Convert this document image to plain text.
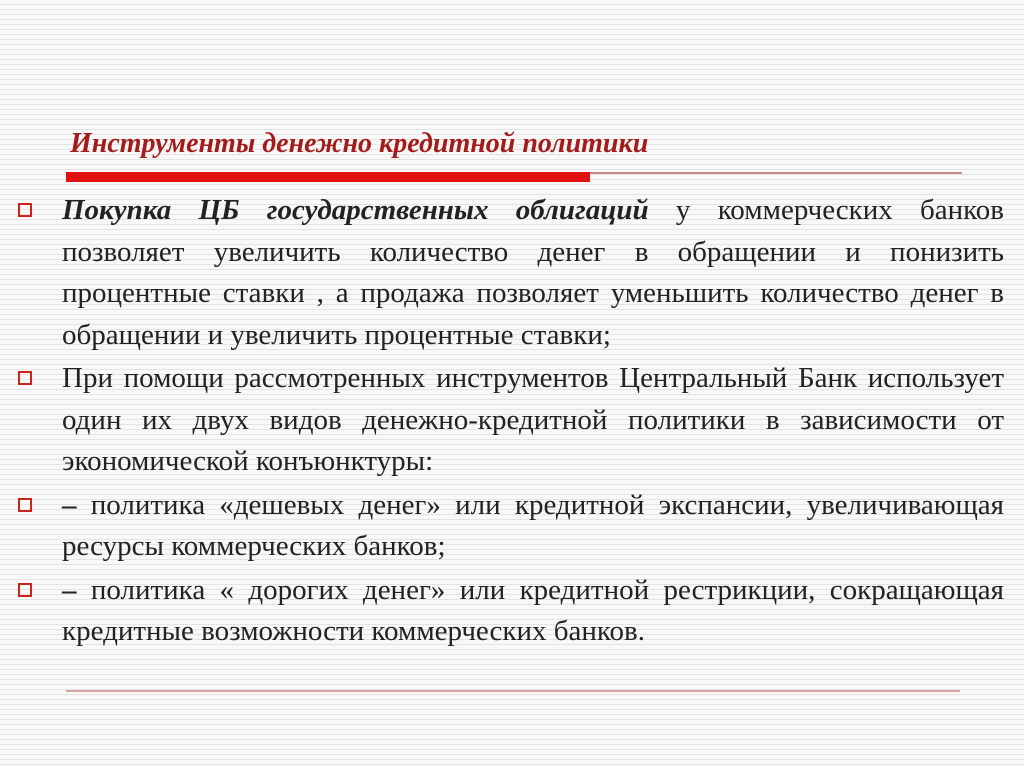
Инструменты денежно кредитной политики

Покупка ЦБ государственных облигаций у коммерческих банков позволяет увеличить количество денег в обращении и понизить процентные ставки , а продажа позволяет уменьшить количество денег в обращении и увеличить процентные ставки;

При помощи рассмотренных инструментов Центральный Банк использует один их двух видов денежно-кредитной политики в зависимости от экономической конъюнктуры:

– политика «дешевых денег» или кредитной экспансии, увеличивающая ресурсы коммерческих банков;

– политика « дорогих денег» или кредитной рестрикции, сокращающая кредитные возможности коммерческих банков.
